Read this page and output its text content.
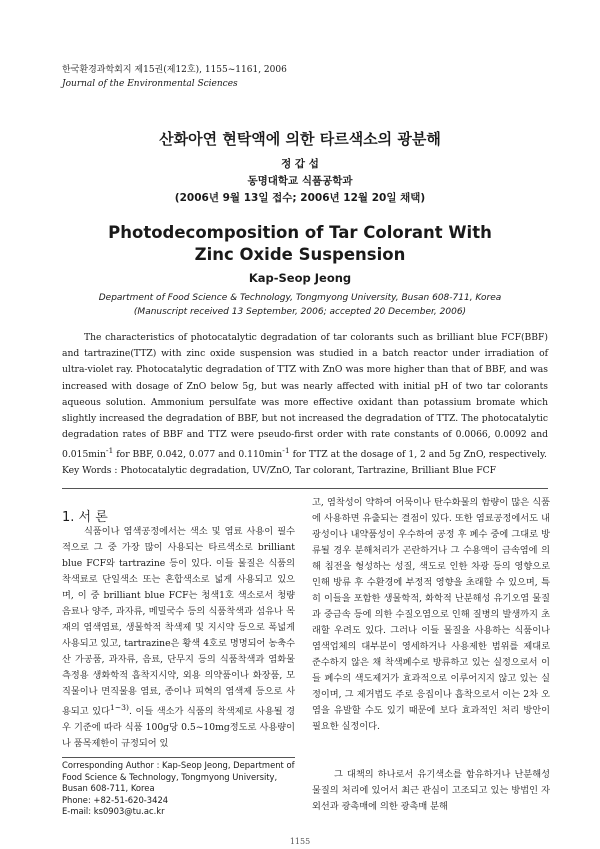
한국환경과학회지 제15권(제12호), 1155~1161, 2006
Journal of the Environmental Sciences
산화아연 현탁액에 의한 타르색소의 광분해
정 갑 섭
동명대학교 식품공학과
(2006년 9월 13일 접수; 2006년 12월 20일 채택)
Photodecomposition of Tar Colorant With
Zinc Oxide Suspension
Kap-Seop Jeong
Department of Food Science & Technology, Tongmyong University, Busan 608-711, Korea
(Manuscript received 13 September, 2006; accepted 20 December, 2006)

The characteristics of photocatalytic degradation of tar colorants such as brilliant blue FCF(BBF) and tartrazine(TTZ) with zinc oxide suspension was studied in a batch reactor under irradiation of ultra-violet ray. Photocatalytic degradation of TTZ with ZnO was more higher than that of BBF, and was increased with dosage of ZnO below 5g, but was nearly affected with initial pH of two tar colorants aqueous solution. Ammonium persulfate was more effective oxidant than potassium bromate which slightly increased the degradation of BBF, but not increased the degradation of TTZ. The photocatalytic degradation rates of BBF and TTZ were pseudo-first order with rate constants of 0.0066, 0.0092 and $0.015\min^{-1}$ for BBF, 0.042, 0.077 and $0.110\min^{-1}$ for TTZ at the dosage of 1, 2 and 5g ZnO, respectively.

Key Words : Photocatalytic degradation, UV/ZnO, Tar colorant, Tartrazine, Brilliant Blue FCF
1. 서 론

식품이나 염색공정에서는 색소 및 염료 사용이 필수적으로 그 중 가장 많이 사용되는 타르색소로 brilliant blue FCF와 tartrazine 등이 있다. 이들 물질은 식품의 착색료로 단일색소 또는 혼합색소로 넓게 사용되고 있으며, 이 중 brilliant blue FCF는 청색1호 색소로서 청량음료나 양주, 과자류, 메밀국수 등의 식품착색과 섬유나 목재의 염색염료, 생물학적 착색제 및 지시약 등으로 폭넓게 사용되고 있고, tartrazine은 황색 4호로 명명되어 농축수산 가공품, 과자류, 음료, 단무지 등의 식품착색과 염화물 측정용 생화학적 흡착지시약, 외용 의약품이나 화장품, 모직물이나 면직물용 염료, 종이나 피혁의 염색제 등으로 사용되고 있다$^{1\sim 3)}$. 이들 색소가 식품의 착색제로 사용될 경우 기준에 따라 식품 100g당 0.5~10mg정도로 사용량이나 품목제한이 규정되어 있

고, 염착성이 약하여 어묵이나 탄수화물의 함량이 많은 식품에 사용하면 유출되는 결점이 있다. 또한 염료공정에서도 내광성이나 내약품성이 우수하여 공정 후 폐수 중에 그대로 방류될 경우 분해처리가 곤란하거나 그 수용액이 금속염에 의해 침전을 형성하는 성질, 색도로 인한 차광 등의 영향으로 인해 방류 후 수환경에 부정적 영향을 초래할 수 있으며, 특히 이들을 포함한 생물학적, 화학적 난분해성 유기오염 물질과 중금속 등에 의한 수질오염으로 인해 질병의 발생까지 초래할 우려도 있다. 그러나 이들 물질을 사용하는 식품이나 염색업체의 대부분이 영세하거나 사용제한 범위를 제대로 준수하지 않은 채 착색폐수로 방류하고 있는 실정으로서 이들 폐수의 색도제거가 효과적으로 이루어지지 않고 있는 실정이며, 그 제거법도 주로 응집이나 흡착으로서 이는 2차 오염을 유발할 수도 있기 때문에 보다 효과적인 처리 방안이 필요한 실정이다.

그 대책의 하나로서 유기색소를 함유하거나 난분해성 물질의 처리에 있어서 최근 관심이 고조되고 있는 방법인 자외선과 광촉매에 의한 광촉매 분해

Corresponding Author : Kap-Seop Jeong, Department of Food Science & Technology, Tongmyong University, Busan 608-711, Korea
Phone: +82-51-620-3424
E-mail: ks0903@tu.ac.kr
1155
